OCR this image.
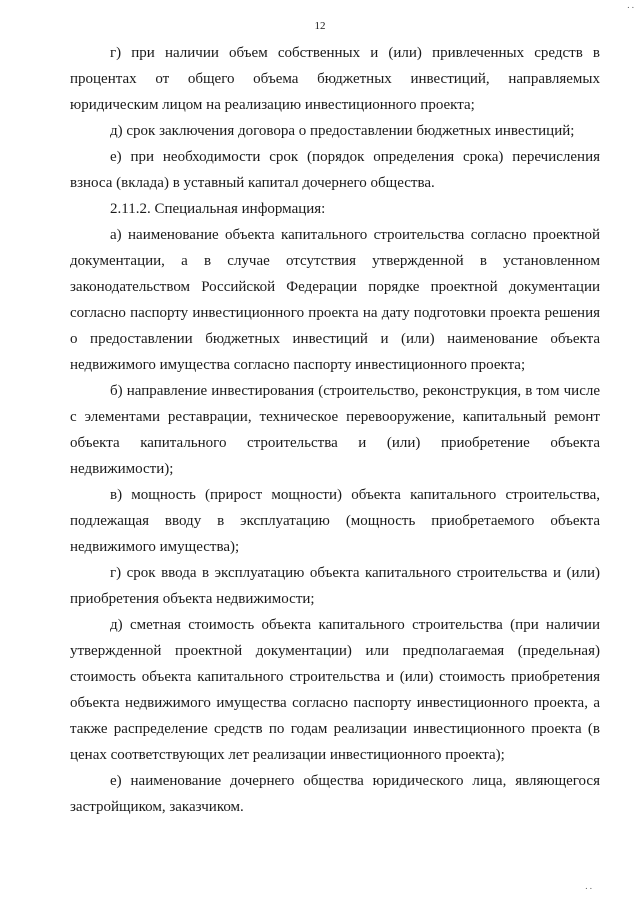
. .
12

г) при наличии объем собственных и (или) привлеченных средств в процентах от общего объема бюджетных инвестиций, направляемых юридическим лицом на реализацию инвестиционного проекта;

д) срок заключения договора о предоставлении бюджетных инвестиций;

е) при необходимости срок (порядок определения срока) перечисления взноса (вклада) в уставный капитал дочернего общества.

2.11.2. Специальная информация:

а) наименование объекта капитального строительства согласно проектной документации, а в случае отсутствия утвержденной в установленном законодательством Российской Федерации порядке проектной документации согласно паспорту инвестиционного проекта на дату подготовки проекта решения о предоставлении бюджетных инвестиций и (или) наименование объекта недвижимого имущества согласно паспорту инвестиционного проекта;

б) направление инвестирования (строительство, реконструкция, в том числе с элементами реставрации, техническое перевооружение, капитальный ремонт объекта капитального строительства и (или) приобретение объекта недвижимости);

в) мощность (прирост мощности) объекта капитального строительства, подлежащая вводу в эксплуатацию (мощность приобретаемого объекта недвижимого имущества);

г) срок ввода в эксплуатацию объекта капитального строительства и (или) приобретения объекта недвижимости;

д) сметная стоимость объекта капитального строительства (при наличии утвержденной проектной документации) или предполагаемая (предельная) стоимость объекта капитального строительства и (или) стоимость приобретения объекта недвижимого имущества согласно паспорту инвестиционного проекта, а также распределение средств по годам реализации инвестиционного проекта (в ценах соответствующих лет реализации инвестиционного проекта);

е) наименование дочернего общества юридического лица, являющегося застройщиком, заказчиком.

. .
